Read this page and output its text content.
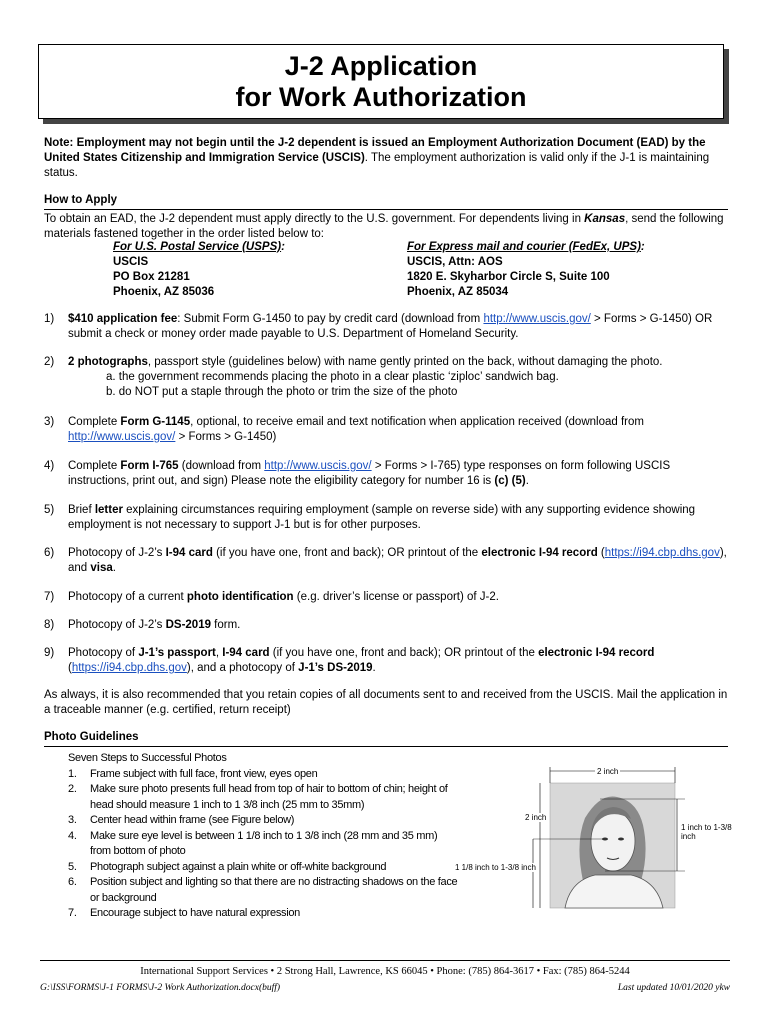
J-2 Application
for Work Authorization
Note: Employment may not begin until the J-2 dependent is issued an Employment Authorization Document (EAD) by the United States Citizenship and Immigration Service (USCIS). The employment authorization is valid only if the J-1 is maintaining status.
How to Apply
To obtain an EAD, the J-2 dependent must apply directly to the U.S. government. For dependents living in Kansas, send the following materials fastened together in the order listed below to:
For U.S. Postal Service (USPS):
USCIS
PO Box 21281
Phoenix, AZ 85036
For Express mail and courier (FedEx, UPS):
USCIS, Attn: AOS
1820 E. Skyharbor Circle S, Suite 100
Phoenix, AZ 85034
1) $410 application fee: Submit Form G-1450 to pay by credit card (download from http://www.uscis.gov/ > Forms > G-1450) OR submit a check or money order made payable to U.S. Department of Homeland Security.
2) 2 photographs, passport style (guidelines below) with name gently printed on the back, without damaging the photo.
a. the government recommends placing the photo in a clear plastic ‘ziploc’ sandwich bag.
b. do NOT put a staple through the photo or trim the size of the photo
3) Complete Form G-1145, optional, to receive email and text notification when application received (download from http://www.uscis.gov/ > Forms > G-1450)
4) Complete Form I-765 (download from http://www.uscis.gov/ > Forms > I-765) type responses on form following USCIS instructions, print out, and sign) Please note the eligibility category for number 16 is (c) (5).
5) Brief letter explaining circumstances requiring employment (sample on reverse side) with any supporting evidence showing employment is not necessary to support J-1 but is for other purposes.
6) Photocopy of J-2’s I-94 card (if you have one, front and back); OR printout of the electronic I-94 record (https://i94.cbp.dhs.gov), and visa.
7) Photocopy of a current photo identification (e.g. driver’s license or passport) of J-2.
8) Photocopy of J-2’s DS-2019 form.
9) Photocopy of J-1’s passport, I-94 card (if you have one, front and back); OR printout of the electronic I-94 record (https://i94.cbp.dhs.gov), and a photocopy of J-1’s DS-2019.
As always, it is also recommended that you retain copies of all documents sent to and received from the USCIS. Mail the application in a traceable manner (e.g. certified, return receipt)
Photo Guidelines
Seven Steps to Successful Photos
1. Frame subject with full face, front view, eyes open
2. Make sure photo presents full head from top of hair to bottom of chin; height of head should measure 1 inch to 1 3/8 inch (25 mm to 35mm)
3. Center head within frame (see Figure below)
4. Make sure eye level is between 1 1/8 inch to 1 3/8 inch (28 mm and 35 mm) from bottom of photo
5. Photograph subject against a plain white or off-white background
6. Position subject and lighting so that there are no distracting shadows on the face or background
7. Encourage subject to have natural expression
2 inch
2 inch
1 inch to 1-3/8 inch
1 1/8 inch to 1-3/8 inch
International Support Services • 2 Strong Hall, Lawrence, KS 66045 • Phone: (785) 864-3617 • Fax: (785) 864-5244
G:\ISS\FORMS\J-1 FORMS\J-2 Work Authorization.docx(buff)	Last updated 10/01/2020 ykw
